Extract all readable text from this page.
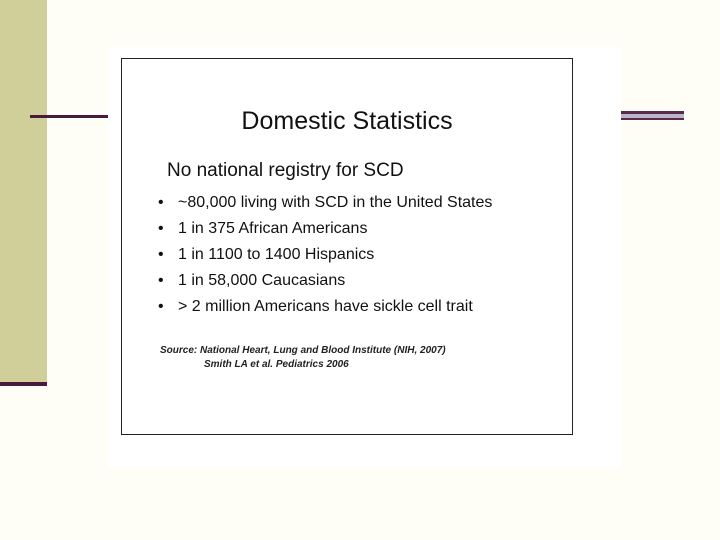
Domestic Statistics
No national registry for SCD
• ~80,000 living with SCD in the United States
• 1 in 375 African Americans
• 1 in 1100 to 1400 Hispanics
• 1 in 58,000 Caucasians
• > 2 million Americans have sickle cell trait
Source: National Heart, Lung and Blood Institute (NIH, 2007)
Smith LA et al. Pediatrics 2006
